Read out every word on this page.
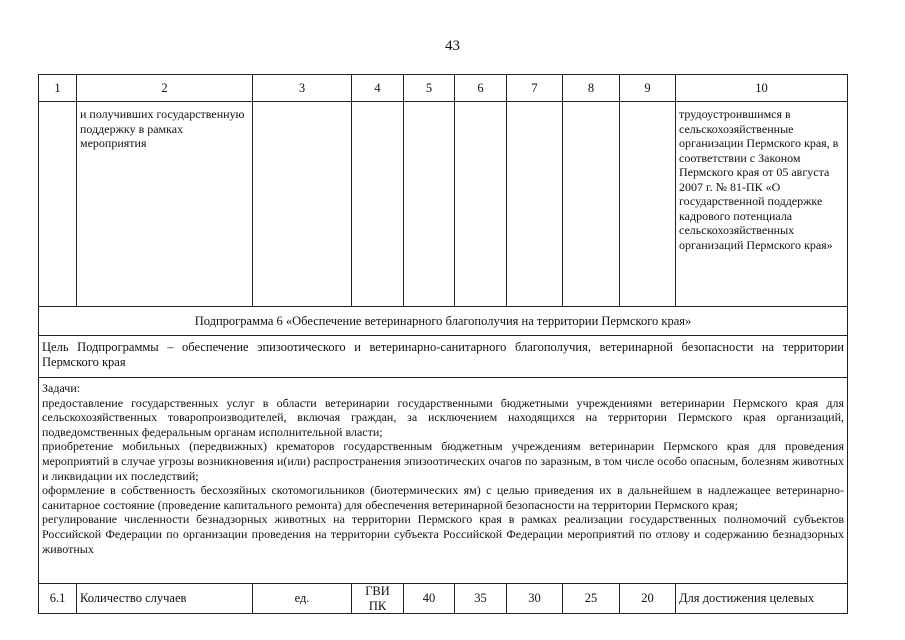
43
1	2	3	4	5	6	7	8	9	10
	и получивших государственную поддержку в рамках мероприятия								трудоустроившимся в сельскохозяйственные организации Пермского края, в соответствии с Законом Пермского края от 05 августа 2007 г. № 81-ПК «О государственной поддержке кадрового потенциала сельскохозяйственных организаций Пермского края»
Подпрограмма 6 «Обеспечение ветеринарного благополучия на территории Пермского края»									
Цель Подпрограммы – обеспечение эпизоотического и ветеринарно-санитарного благополучия, ветеринарной безопасности на территории Пермского края									

Задачи:

предоставление государственных услуг в области ветеринарии государственными бюджетными учреждениями ветеринарии Пермского края для сельскохозяйственных товаропроизводителей, включая граждан, за исключением находящихся на территории Пермского края организаций, подведомственных федеральным органам исполнительной власти;

приобретение мобильных (передвижных) крематоров государственным бюджетным учреждениям ветеринарии Пермского края для проведения мероприятий в случае угрозы возникновения и(или) распространения эпизоотических очагов по заразным, в том числе особо опасным, болезням животных и ликвидации их последствий;

оформление в собственность бесхозяйных скотомогильников (биотермических ям) с целью приведения их в дальнейшем в надлежащее ветеринарно-санитарное состояние (проведение капитального ремонта) для обеспечения ветеринарной безопасности на территории Пермского края;

регулирование численности безнадзорных животных на территории Пермского края в рамках реализации государственных полномочий субъектов Российской Федерации по организации проведения на территории субъекта Российской Федерации мероприятий по отлову и содержанию безнадзорных животных									

6.1	Количество случаев	ед.	ГВИ ПК	40	35	30	25	20	Для достижения целевых
